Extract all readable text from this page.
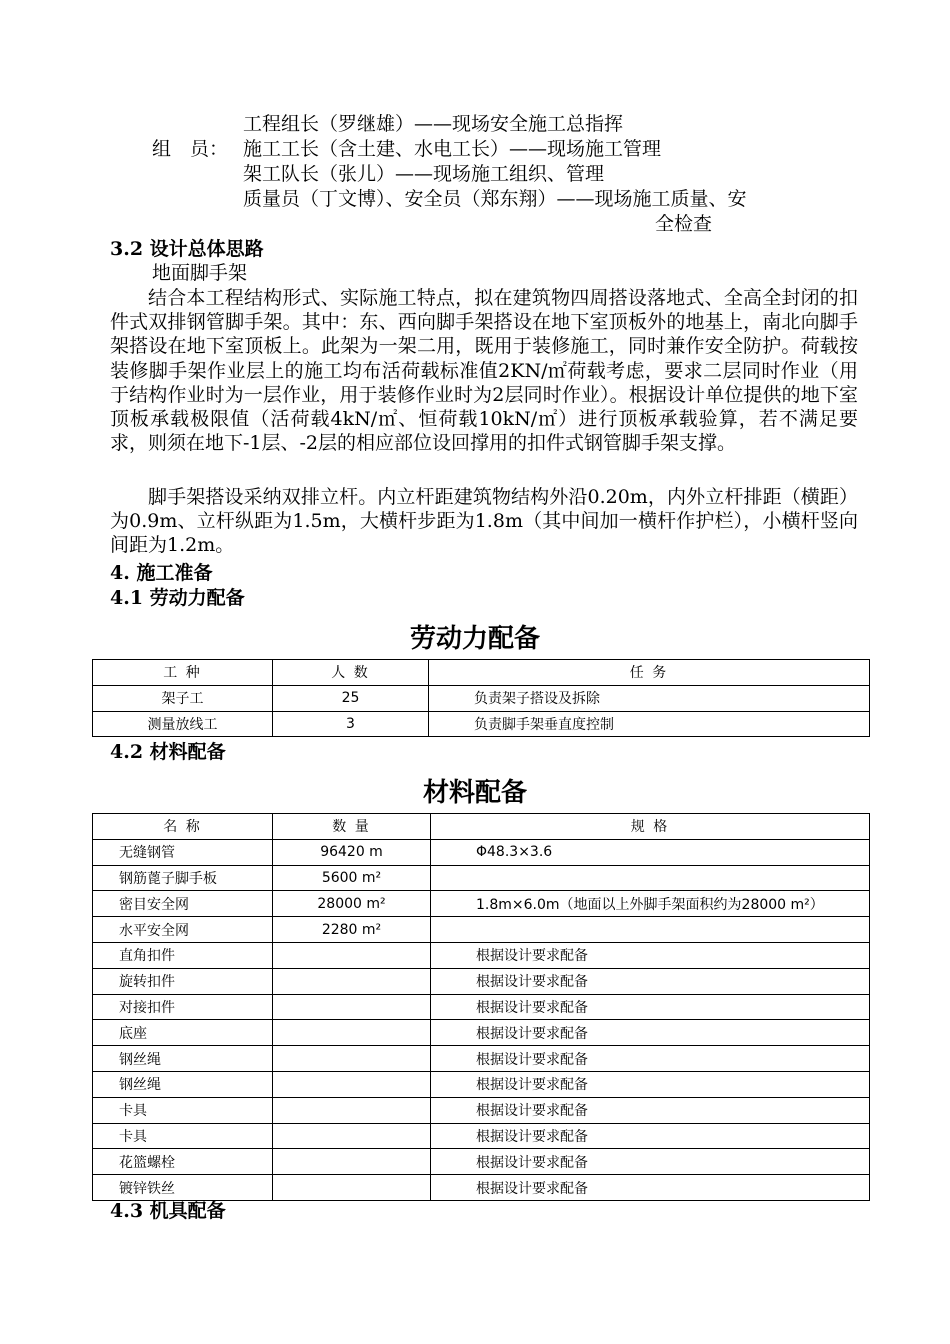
工程组长（罗继雄）——现场安全施工总指挥
组　员： 施工工长（含土建、水电工长）——现场施工管理
架工队长（张儿）——现场施工组织、管理
质量员（丁文博）、安全员（郑东翔）——现场施工质量、安
全检查
3.2 设计总体思路
地面脚手架
结合本工程结构形式、实际施工特点，拟在建筑物四周搭设落地式、全高全封闭的扣件式双排钢管脚手架。其中：东、西向脚手架搭设在地下室顶板外的地基上，南北向脚手架搭设在地下室顶板上。此架为一架二用，既用于装修施工，同时兼作安全防护。荷载按装修脚手架作业层上的施工均布活荷载标准值2KN/㎡荷载考虑，要求二层同时作业（用于结构作业时为一层作业，用于装修作业时为2层同时作业）。根据设计单位提供的地下室顶板承载极限值（活荷载4kN/㎡、恒荷载10kN/㎡）进行顶板承载验算，若不满足要求，则须在地下-1层、-2层的相应部位设回撑用的扣件式钢管脚手架支撑。
脚手架搭设采纳双排立杆。内立杆距建筑物结构外沿0.20m，内外立杆排距（横距）为0.9m、立杆纵距为1.5m，大横杆步距为1.8m（其中间加一横杆作护栏），小横杆竖向间距为1.2m。
4. 施工准备
4.1 劳动力配备
劳动力配备
工 种	人 数	任 务
架子工	25	负责架子搭设及拆除
测量放线工	3	负责脚手架垂直度控制
4.2 材料配备
材料配备
名 称	数 量	规 格
无缝钢管	96420 m	Φ48.3×3.6
钢筋蓖子脚手板	5600 m²	
密目安全网	28000 m²	1.8m×6.0m（地面以上外脚手架面积约为28000 m²）
水平安全网	2280 m²	
直角扣件		根据设计要求配备
旋转扣件		根据设计要求配备
对接扣件		根据设计要求配备
底座		根据设计要求配备
钢丝绳		根据设计要求配备
钢丝绳		根据设计要求配备
卡具		根据设计要求配备
卡具		根据设计要求配备
花篮螺栓		根据设计要求配备
镀锌铁丝		根据设计要求配备
4.3 机具配备
